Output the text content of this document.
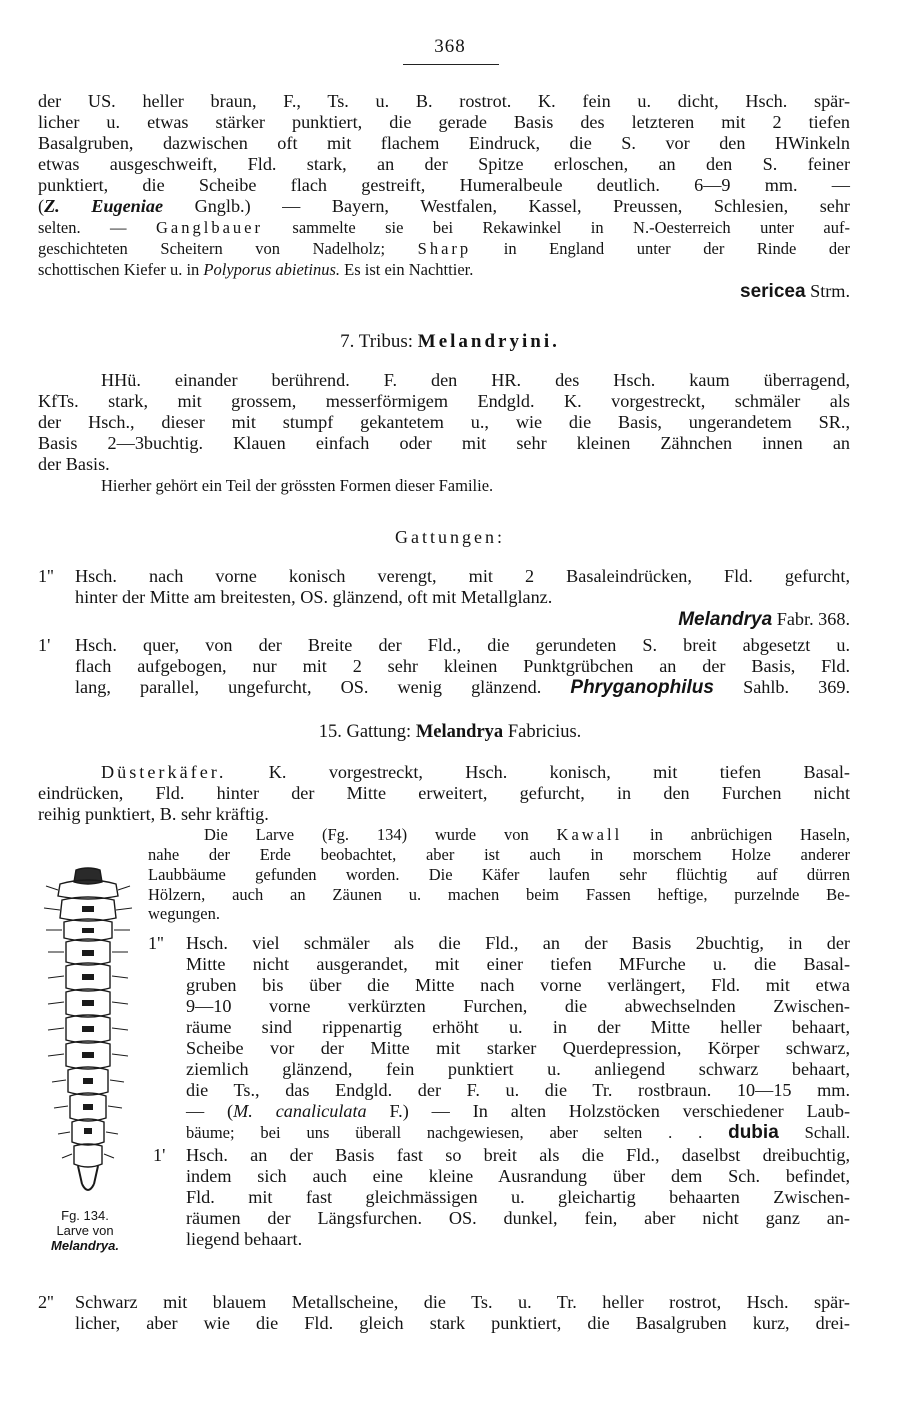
368
der US. heller braun, F., Ts. u. B. rostrot. K. fein u. dicht, Hsch. spär-
licher u. etwas stärker punktiert, die gerade Basis des letzteren mit 2 tiefen
Basalgruben, dazwischen oft mit flachem Eindruck, die S. vor den HWinkeln
etwas ausgeschweift, Fld. stark, an der Spitze erloschen, an den S. feiner
punktiert, die Scheibe flach gestreift, Humeralbeule deutlich. 6—9 mm. —
(Z. Eugeniae Gnglb.) — Bayern, Westfalen, Kassel, Preussen, Schlesien, sehr
selten. — Ganglbauer sammelte sie bei Rekawinkel in N.-Oesterreich unter auf-
geschichteten Scheitern von Nadelholz; Sharp in England unter der Rinde der
schottischen Kiefer u. in Polyporus abietinus. Es ist ein Nachttier.
sericea Strm.
7. Tribus: Melandryini.
HHü. einander berührend. F. den HR. des Hsch. kaum überragend,
KfTs. stark, mit grossem, messerförmigem Endgld. K. vorgestreckt, schmäler als
der Hsch., dieser mit stumpf gekantetem u., wie die Basis, ungerandetem SR.,
Basis 2—3buchtig. Klauen einfach oder mit sehr kleinen Zähnchen innen an
der Basis.
Hierher gehört ein Teil der grössten Formen dieser Familie.
Gattungen:
1'' Hsch. nach vorne konisch verengt, mit 2 Basaleindrücken, Fld. gefurcht,
hinter der Mitte am breitesten, OS. glänzend, oft mit Metallglanz.
Melandrya Fabr. 368.
1' Hsch. quer, von der Breite der Fld., die gerundeten S. breit abgesetzt u.
flach aufgebogen, nur mit 2 sehr kleinen Punktgrübchen an der Basis, Fld.
lang, parallel, ungefurcht, OS. wenig glänzend. Phryganophilus Sahlb. 369.
15. Gattung: Melandrya Fabricius.
Düsterkäfer. K. vorgestreckt, Hsch. konisch, mit tiefen Basal-
eindrücken, Fld. hinter der Mitte erweitert, gefurcht, in den Furchen nicht
reihig punktiert, B. sehr kräftig.
Die Larve (Fg. 134) wurde von Kawall in anbrüchigen Haseln,
nahe der Erde beobachtet, aber ist auch in morschem Holze anderer
Laubbäume gefunden worden. Die Käfer laufen sehr flüchtig auf dürren
Hölzern, auch an Zäunen u. machen beim Fassen heftige, purzelnde Be-
wegungen.
1'' Hsch. viel schmäler als die Fld., an der Basis 2buchtig, in der
Mitte nicht ausgerandet, mit einer tiefen MFurche u. die Basal-
gruben bis über die Mitte nach vorne verlängert, Fld. mit etwa
9—10 vorne verkürzten Furchen, die abwechselnden Zwischen-
räume sind rippenartig erhöht u. in der Mitte heller behaart,
Scheibe vor der Mitte mit starker Querdepression, Körper schwarz,
ziemlich glänzend, fein punktiert u. anliegend schwarz behaart,
die Ts., das Endgld. der F. u. die Tr. rostbraun. 10—15 mm.
— (M. canaliculata F.) — In alten Holzstöcken verschiedener Laub-
bäume; bei uns überall nachgewiesen, aber selten . . dubia Schall.
1' Hsch. an der Basis fast so breit als die Fld., daselbst dreibuchtig,
indem sich auch eine kleine Ausrandung über dem Sch. befindet,
Fld. mit fast gleichmässigen u. gleichartig behaarten Zwischen-
räumen der Längsfurchen. OS. dunkel, fein, aber nicht ganz an-
liegend behaart.
2'' Schwarz mit blauem Metallscheine, die Ts. u. Tr. heller rostrot, Hsch. spär-
licher, aber wie die Fld. gleich stark punktiert, die Basalgruben kurz, drei-
Fg. 134.
Larve von
Melandrya.
